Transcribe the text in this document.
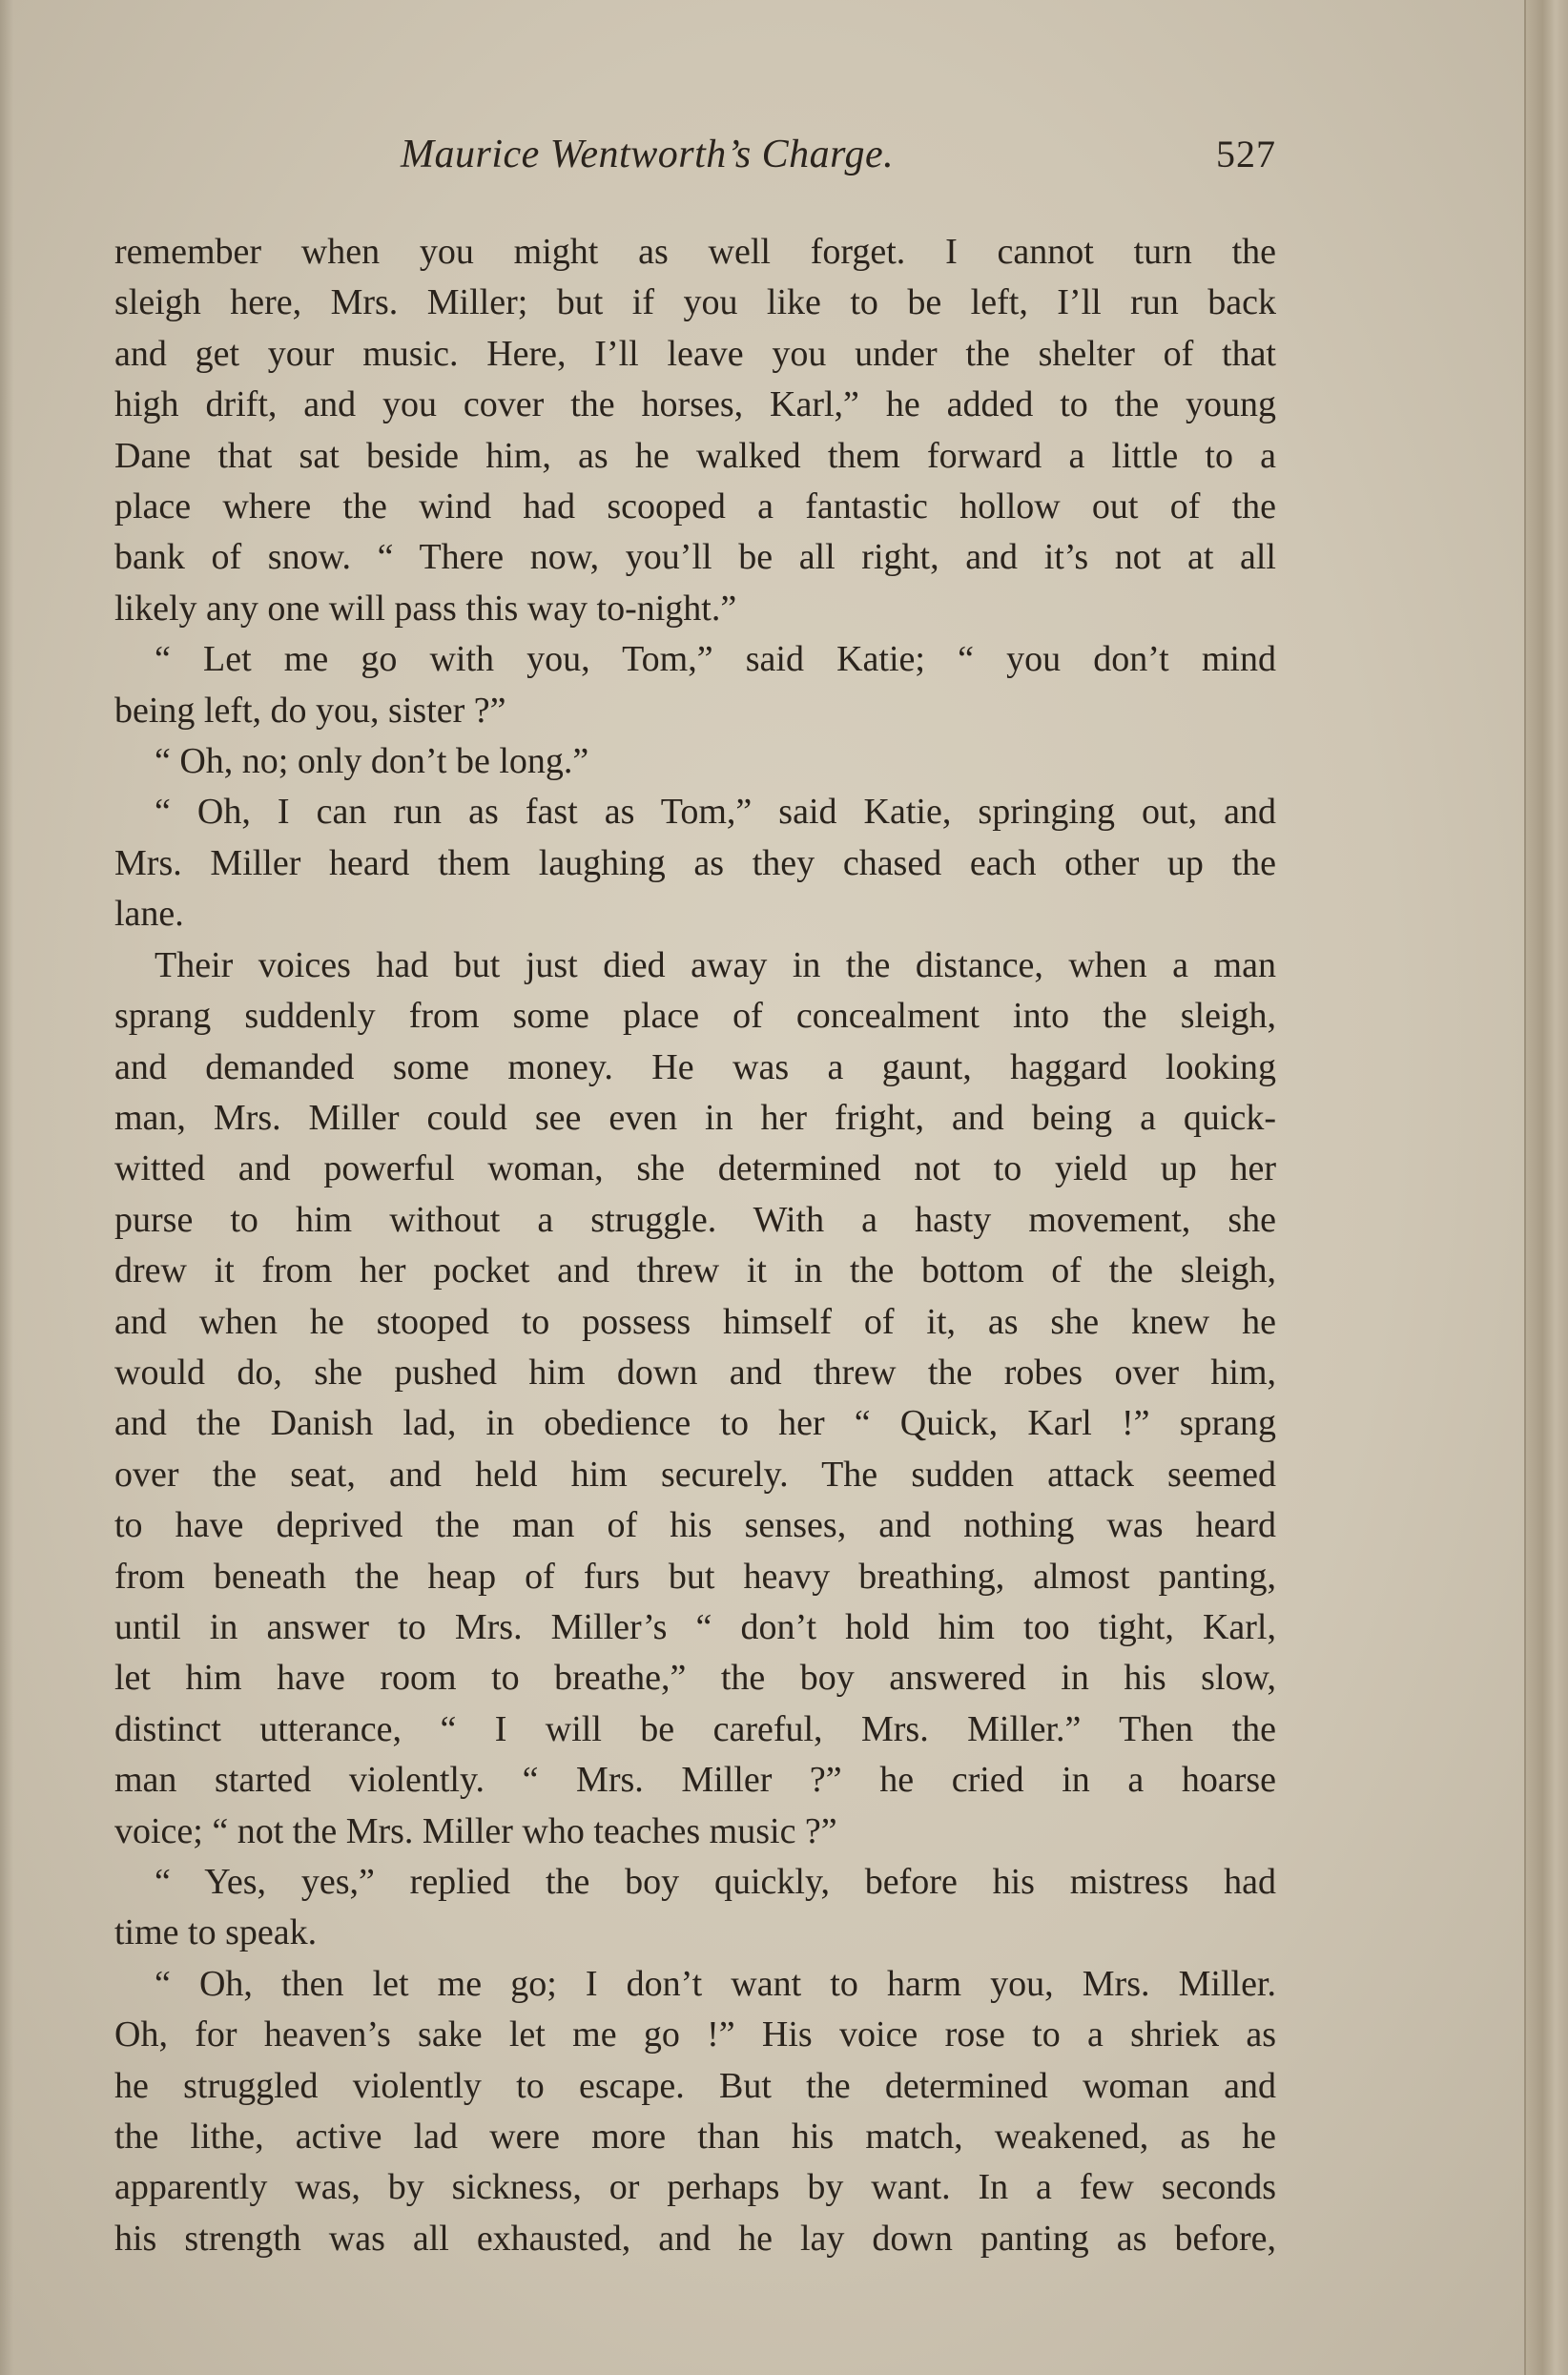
Maurice Wentworth’s Charge.	527

remember when you might as well forget. I cannot turn the

sleigh here, Mrs. Miller; but if you like to be left, I’ll run back

and get your music. Here, I’ll leave you under the shelter of that

high drift, and you cover the horses, Karl,” he added to the young

Dane that sat beside him, as he walked them forward a little to a

place where the wind had scooped a fantastic hollow out of the

bank of snow. “ There now, you’ll be all right, and it’s not at all

likely any one will pass this way to-night.”

“ Let me go with you, Tom,” said Katie; “ you don’t mind

being left, do you, sister ?”

“ Oh, no; only don’t be long.”

“ Oh, I can run as fast as Tom,” said Katie, springing out, and

Mrs. Miller heard them laughing as they chased each other up the

lane.

Their voices had but just died away in the distance, when a man

sprang suddenly from some place of concealment into the sleigh,

and demanded some money. He was a gaunt, haggard looking

man, Mrs. Miller could see even in her fright, and being a quick-

witted and powerful woman, she determined not to yield up her

purse to him without a struggle. With a hasty movement, she

drew it from her pocket and threw it in the bottom of the sleigh,

and when he stooped to possess himself of it, as she knew he

would do, she pushed him down and threw the robes over him,

and the Danish lad, in obedience to her “ Quick, Karl !” sprang

over the seat, and held him securely. The sudden attack seemed

to have deprived the man of his senses, and nothing was heard

from beneath the heap of furs but heavy breathing, almost panting,

until in answer to Mrs. Miller’s “ don’t hold him too tight, Karl,

let him have room to breathe,” the boy answered in his slow,

distinct utterance, “ I will be careful, Mrs. Miller.” Then the

man started violently. “ Mrs. Miller ?” he cried in a hoarse

voice; “ not the Mrs. Miller who teaches music ?”

“ Yes, yes,” replied the boy quickly, before his mistress had

time to speak.

“ Oh, then let me go; I don’t want to harm you, Mrs. Miller.

Oh, for heaven’s sake let me go !” His voice rose to a shriek as

he struggled violently to escape. But the determined woman and

the lithe, active lad were more than his match, weakened, as he

apparently was, by sickness, or perhaps by want. In a few seconds

his strength was all exhausted, and he lay down panting as before,
